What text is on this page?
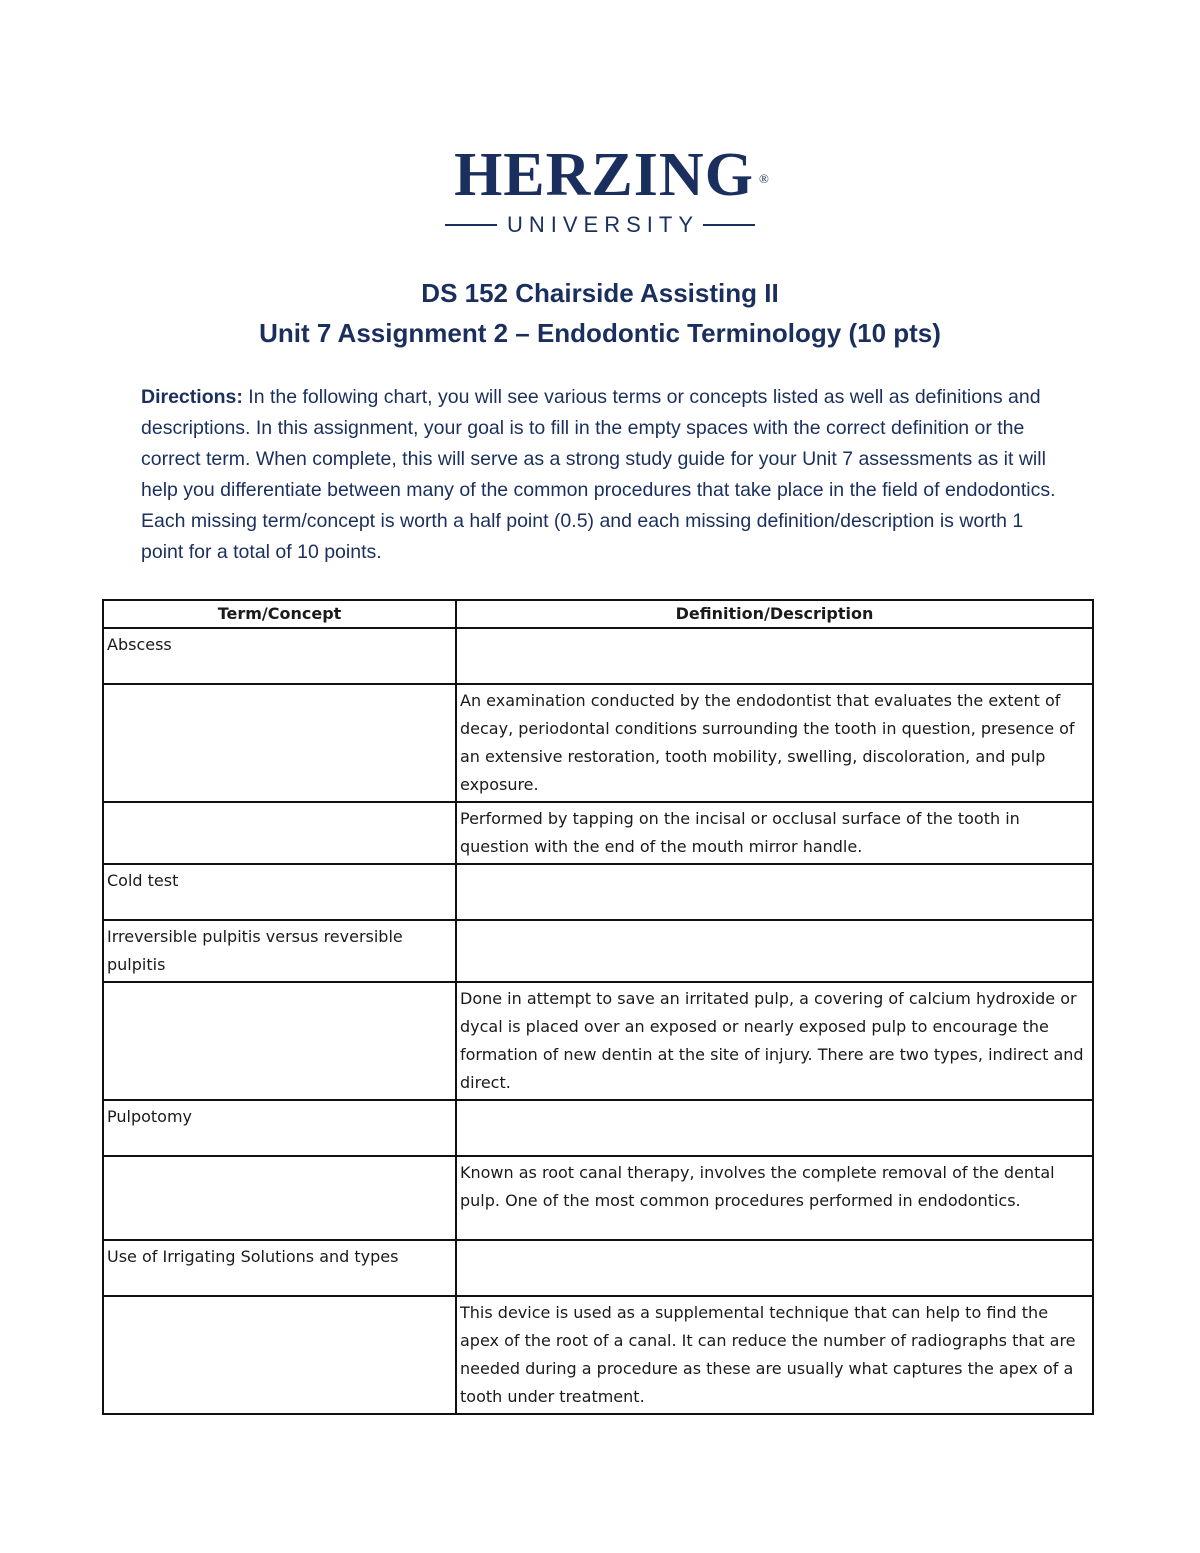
HERZING ®
UNIVERSITY
DS 152 Chairside Assisting II
Unit 7 Assignment 2 – Endodontic Terminology (10 pts)
Directions: In the following chart, you will see various terms or concepts listed as well as definitions and descriptions. In this assignment, your goal is to fill in the empty spaces with the correct definition or the correct term. When complete, this will serve as a strong study guide for your Unit 7 assessments as it will help you differentiate between many of the common procedures that take place in the field of endodontics. Each missing term/concept is worth a half point (0.5) and each missing definition/description is worth 1 point for a total of 10 points.
Term/Concept	Definition/Description
Abscess	
	An examination conducted by the endodontist that evaluates the extent of decay, periodontal conditions surrounding the tooth in question, presence of an extensive restoration, tooth mobility, swelling, discoloration, and pulp exposure.
	Performed by tapping on the incisal or occlusal surface of the tooth in question with the end of the mouth mirror handle.
Cold test	
Irreversible pulpitis versus reversible pulpitis	
	Done in attempt to save an irritated pulp, a covering of calcium hydroxide or dycal is placed over an exposed or nearly exposed pulp to encourage the formation of new dentin at the site of injury. There are two types, indirect and direct.
Pulpotomy	
	Known as root canal therapy, involves the complete removal of the dental pulp. One of the most common procedures performed in endodontics.
Use of Irrigating Solutions and types	
	This device is used as a supplemental technique that can help to find the apex of the root of a canal. It can reduce the number of radiographs that are needed during a procedure as these are usually what captures the apex of a tooth under treatment.
